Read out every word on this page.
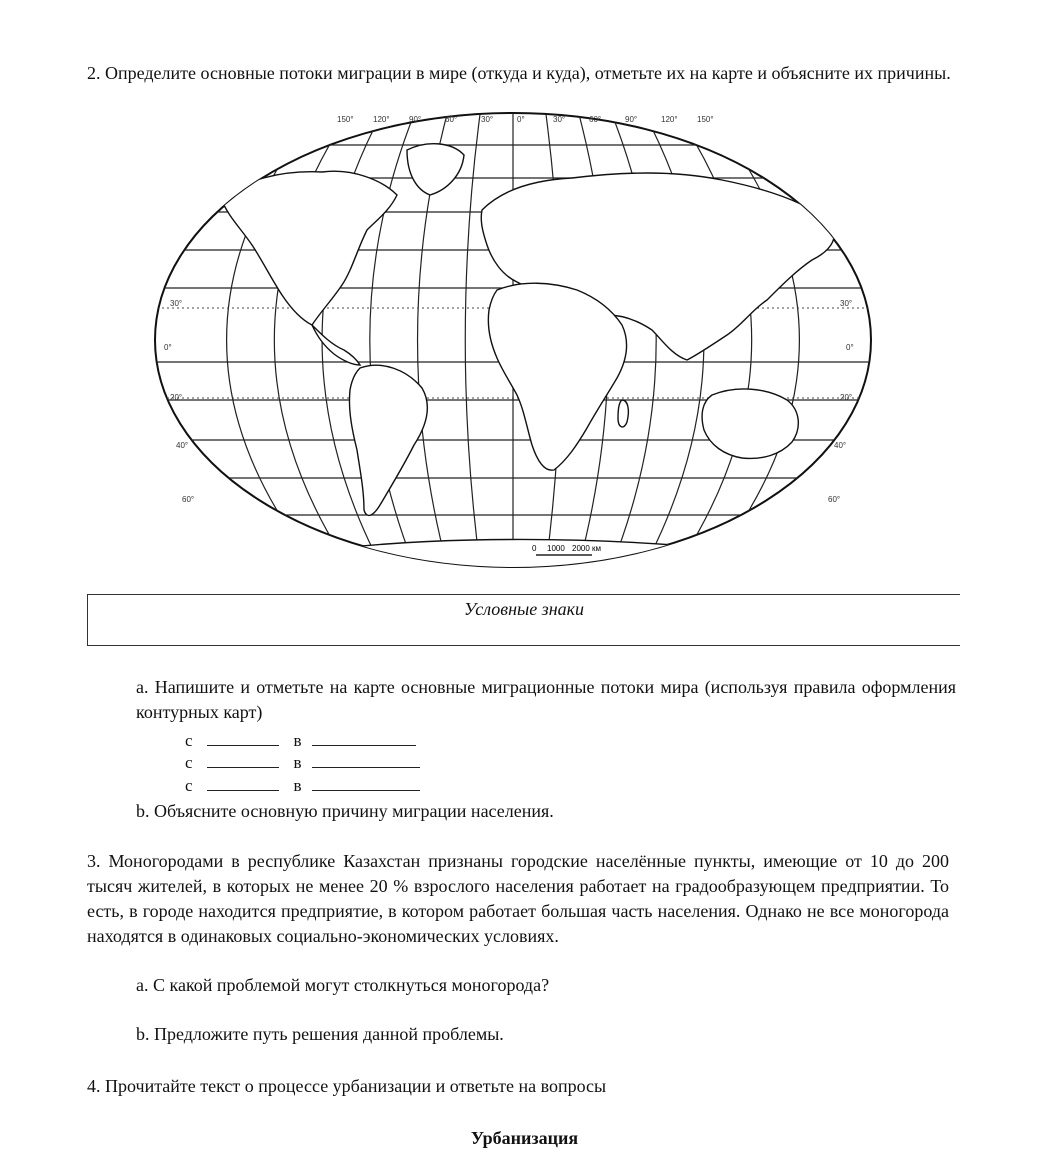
2. Определите основные потоки миграции в мире (откуда и куда), отметьте их на карте и объясните их причины.
150° 120° 90°	60°	30°	0°	30°	60°	90°	120° 150°
30°
0°
20°
40°
60°
30°
0°
20°
40°
60°
0 1000 2000 км
Условные знаки
a. Напишите и отметьте на карте основные миграционные потоки мира (используя правила оформления контурных карт)
с	в
с	в
с	в
b. Объясните основную причину миграции населения.
3. Моногородами в республике Казахстан признаны городские населённые пункты, имеющие от 10 до 200 тысяч жителей, в которых не менее 20 % взрослого населения работает на градообразующем предприятии. То есть, в городе находится предприятие, в котором работает большая часть населения. Однако не все моногорода находятся в одинаковых социально-экономических условиях.
a. С какой проблемой могут столкнуться моногорода?
b. Предложите путь решения данной проблемы.
4. Прочитайте текст о процессе урбанизации и ответьте на вопросы
Урбанизация
